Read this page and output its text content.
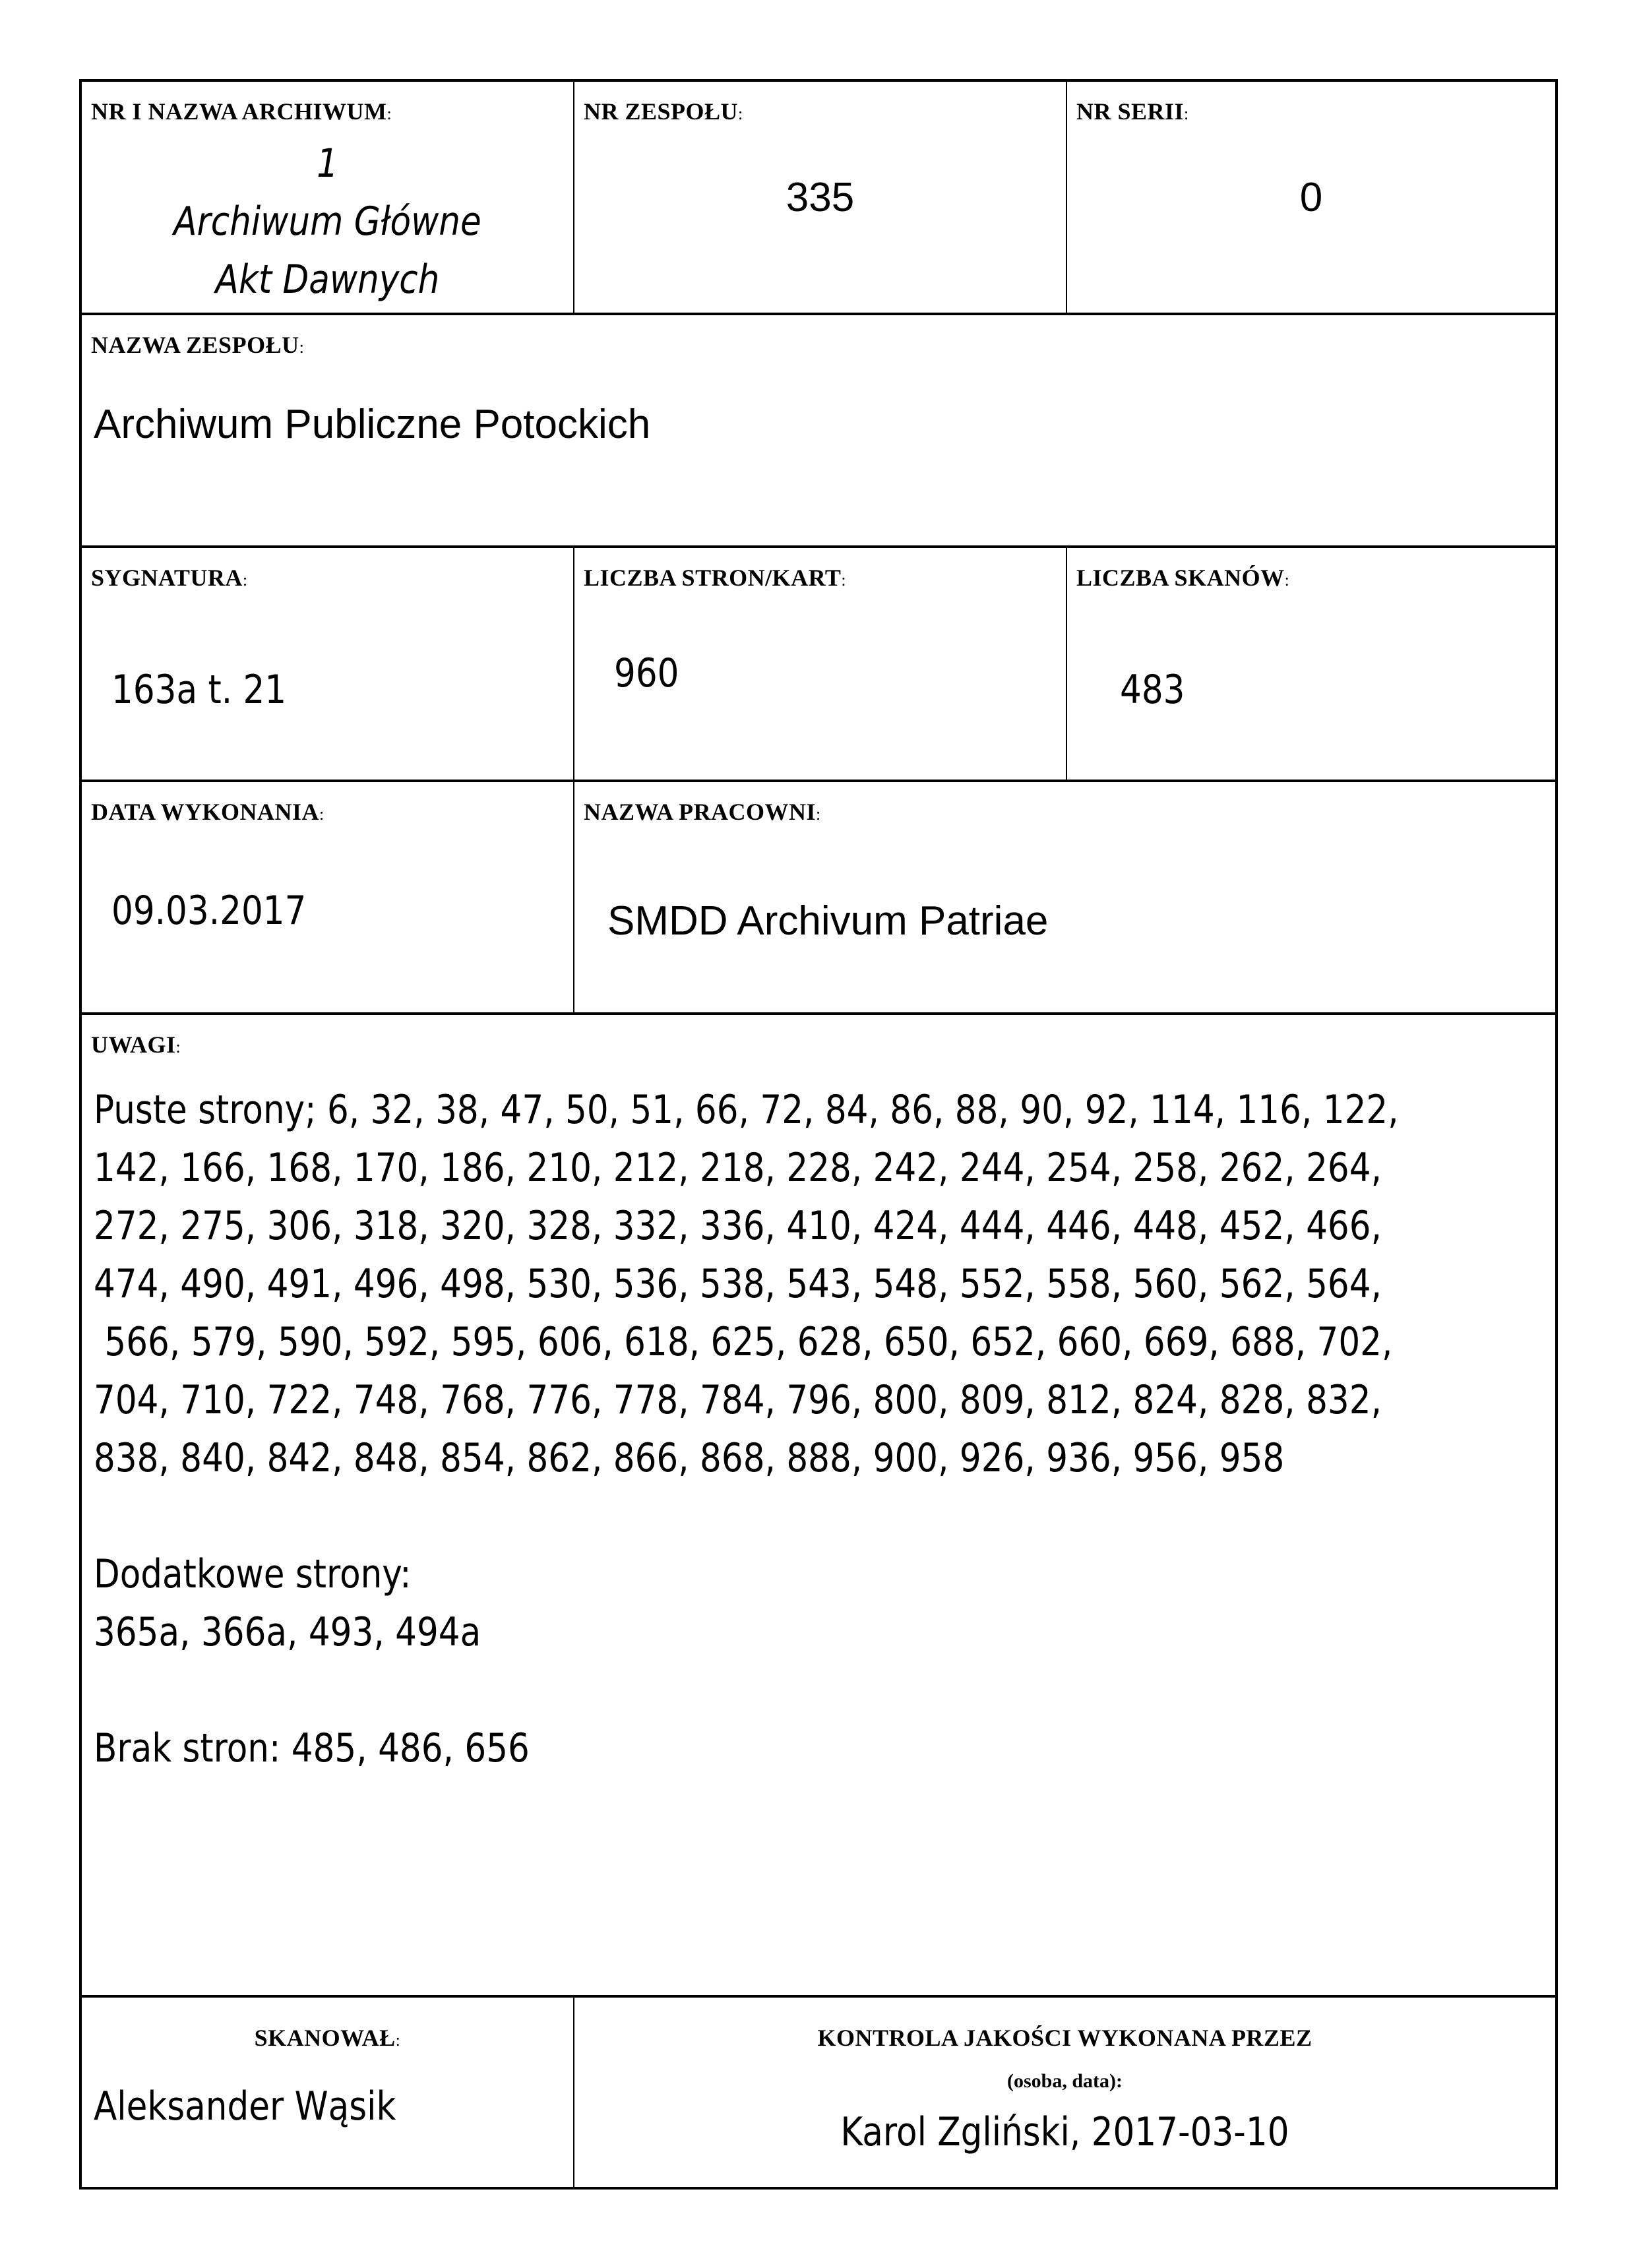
NR I NAZWA ARCHIWUM:
1
Archiwum Główne
Akt Dawnych
NR ZESPOŁU:
335
NR SERII:
0
NAZWA ZESPOŁU:
Archiwum Publiczne Potockich
SYGNATURA:
163a t. 21
LICZBA STRON/KART:
960
LICZBA SKANÓW:
483
DATA WYKONANIA:
09.03.2017
NAZWA PRACOWNI:
SMDD Archivum Patriae
UWAGI:
Puste strony; 6, 32, 38, 47, 50, 51, 66, 72, 84, 86, 88, 90, 92, 114, 116, 122,
142, 166, 168, 170, 186, 210, 212, 218, 228, 242, 244, 254, 258, 262, 264,
272, 275, 306, 318, 320, 328, 332, 336, 410, 424, 444, 446, 448, 452, 466,
474, 490, 491, 496, 498, 530, 536, 538, 543, 548, 552, 558, 560, 562, 564,
566, 579, 590, 592, 595, 606, 618, 625, 628, 650, 652, 660, 669, 688, 702,
704, 710, 722, 748, 768, 776, 778, 784, 796, 800, 809, 812, 824, 828, 832,
838, 840, 842, 848, 854, 862, 866, 868, 888, 900, 926, 936, 956, 958
Dodatkowe strony:
365a, 366a, 493, 494a
Brak stron: 485, 486, 656
SKANOWAŁ:
Aleksander Wąsik
KONTROLA JAKOŚCI WYKONANA PRZEZ
(osoba, data):
Karol Zgliński, 2017-03-10
